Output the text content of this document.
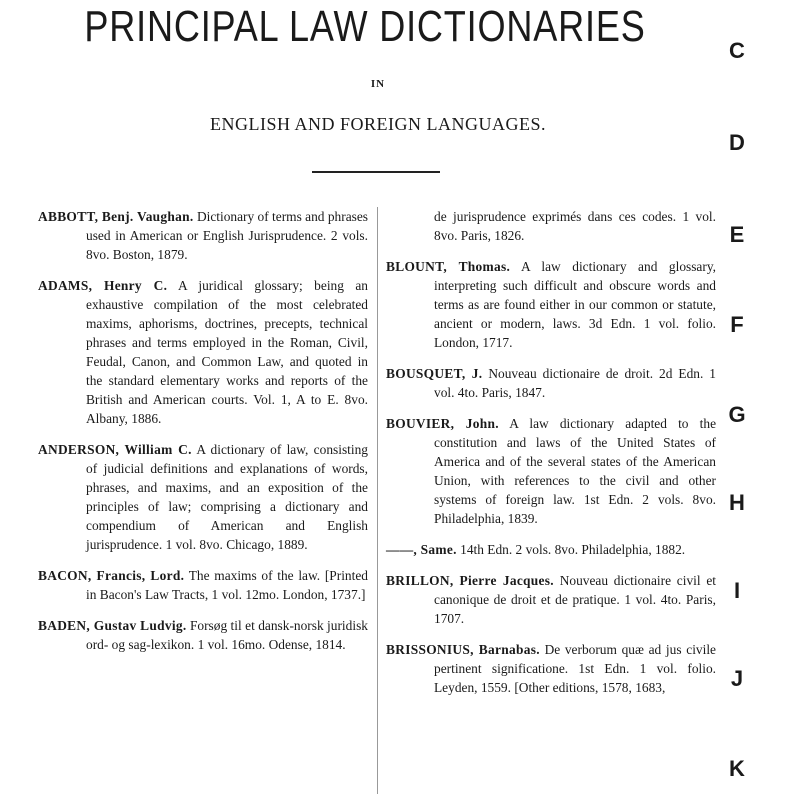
PRINCIPAL LAW DICTIONARIES
IN
ENGLISH AND FOREIGN LANGUAGES.
ABBOTT, Benj. Vaughan. Dictionary of terms and phrases used in American or English Jurisprudence. 2 vols. 8vo. Boston, 1879.
ADAMS, Henry C. A juridical glossary; being an exhaustive compilation of the most celebrated maxims, aphorisms, doctrines, precepts, technical phrases and terms employed in the Roman, Civil, Feudal, Canon, and Common Law, and quoted in the standard elementary works and reports of the British and American courts. Vol. 1, A to E. 8vo. Albany, 1886.
ANDERSON, William C. A dictionary of law, consisting of judicial definitions and explanations of words, phrases, and maxims, and an exposition of the principles of law; comprising a dictionary and compendium of American and English jurisprudence. 1 vol. 8vo. Chicago, 1889.
BACON, Francis, Lord. The maxims of the law. [Printed in Bacon's Law Tracts, 1 vol. 12mo. London, 1737.]
BADEN, Gustav Ludvig. Forsøg til et dansk-norsk juridisk ord- og sag-lexikon. 1 vol. 16mo. Odense, 1814.
de jurisprudence exprimés dans ces codes. 1 vol. 8vo. Paris, 1826.
BLOUNT, Thomas. A law dictionary and glossary, interpreting such difficult and obscure words and terms as are found either in our common or statute, ancient or modern, laws. 3d Edn. 1 vol. folio. London, 1717.
BOUSQUET, J. Nouveau dictionaire de droit. 2d Edn. 1 vol. 4to. Paris, 1847.
BOUVIER, John. A law dictionary adapted to the constitution and laws of the United States of America and of the several states of the American Union, with references to the civil and other systems of foreign law. 1st Edn. 2 vols. 8vo. Philadelphia, 1839.
——, Same. 14th Edn. 2 vols. 8vo. Philadelphia, 1882.
BRILLON, Pierre Jacques. Nouveau dictionaire civil et canonique de droit et de pratique. 1 vol. 4to. Paris, 1707.
BRISSONIUS, Barnabas. De verborum quæ ad jus civile pertinent significatione. 1st Edn. 1 vol. folio. Leyden, 1559. [Other editions, 1578, 1683,
C
D
E
F
G
H
I
J
K
